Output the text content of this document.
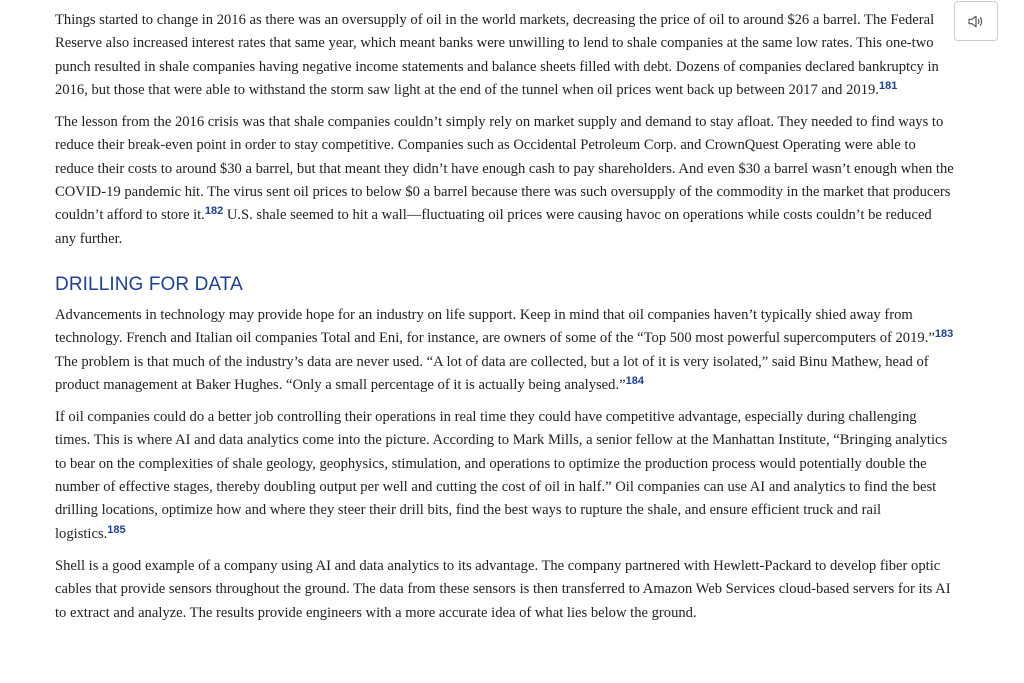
Things started to change in 2016 as there was an oversupply of oil in the world markets, decreasing the price of oil to around $26 a barrel. The Federal Reserve also increased interest rates that same year, which meant banks were unwilling to lend to shale companies at the same low rates. This one-two punch resulted in shale companies having negative income statements and balance sheets filled with debt. Dozens of companies declared bankruptcy in 2016, but those that were able to withstand the storm saw light at the end of the tunnel when oil prices went back up between 2017 and 2019.$^{181}$

The lesson from the 2016 crisis was that shale companies couldn’t simply rely on market supply and demand to stay afloat. They needed to find ways to reduce their break-even point in order to stay competitive. Companies such as Occidental Petroleum Corp. and CrownQuest Operating were able to reduce their costs to around $30 a barrel, but that meant they didn’t have enough cash to pay shareholders. And even $30 a barrel wasn’t enough when the COVID-19 pandemic hit. The virus sent oil prices to below $0 a barrel because there was such oversupply of the commodity in the market that producers couldn’t afford to store it.$^{182}$ U.S. shale seemed to hit a wall—fluctuating oil prices were causing havoc on operations while costs couldn’t be reduced any further.

DRILLING FOR DATA

Advancements in technology may provide hope for an industry on life support. Keep in mind that oil companies haven’t typically shied away from technology. French and Italian oil companies Total and Eni, for instance, are owners of some of the “Top 500 most powerful supercomputers of 2019.”$^{183}$ The problem is that much of the industry’s data are never used. “A lot of data are collected, but a lot of it is very isolated,” said Binu Mathew, head of product management at Baker Hughes. “Only a small percentage of it is actually being analysed.”$^{184}$

If oil companies could do a better job controlling their operations in real time they could have competitive advantage, especially during challenging times. This is where AI and data analytics come into the picture. According to Mark Mills, a senior fellow at the Manhattan Institute, “Bringing analytics to bear on the complexities of shale geology, geophysics, stimulation, and operations to optimize the production process would potentially double the number of effective stages, thereby doubling output per well and cutting the cost of oil in half.” Oil companies can use AI and analytics to find the best drilling locations, optimize how and where they steer their drill bits, find the best ways to rupture the shale, and ensure efficient truck and rail logistics.$^{185}$

Shell is a good example of a company using AI and data analytics to its advantage. The company partnered with Hewlett-Packard to develop fiber optic cables that provide sensors throughout the ground. The data from these sensors is then transferred to Amazon Web Services cloud-based servers for its AI to extract and analyze. The results provide engineers with a more accurate idea of what lies below the ground.
